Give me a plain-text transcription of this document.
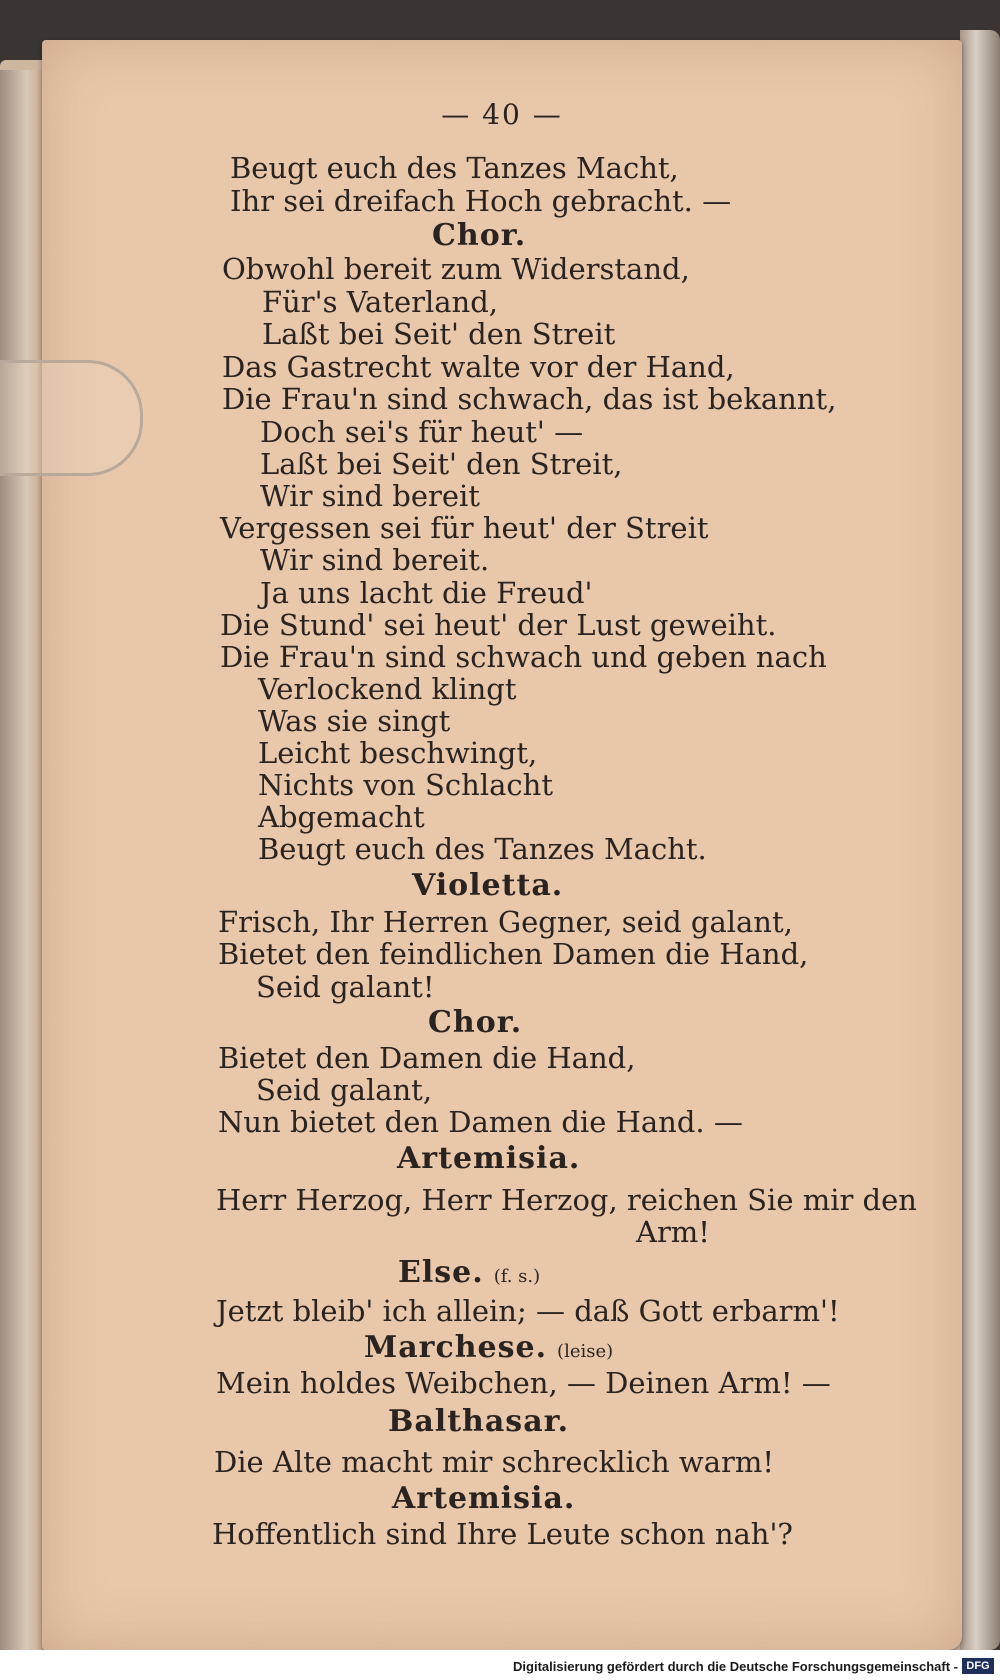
— 40 —
Beugt euch des Tanzes Macht,
Ihr sei dreifach Hoch gebracht. —
Chor.
Obwohl bereit zum Widerstand,
Für's Vaterland,
Laßt bei Seit' den Streit
Das Gastrecht walte vor der Hand,
Die Frau'n sind schwach, das ist bekannt,
Doch sei's für heut' —
Laßt bei Seit' den Streit,
Wir sind bereit
Vergessen sei für heut' der Streit
Wir sind bereit.
Ja uns lacht die Freud'
Die Stund' sei heut' der Lust geweiht.
Die Frau'n sind schwach und geben nach
Verlockend klingt
Was sie singt
Leicht beschwingt,
Nichts von Schlacht
Abgemacht
Beugt euch des Tanzes Macht.
Violetta.
Frisch, Ihr Herren Gegner, seid galant,
Bietet den feindlichen Damen die Hand,
Seid galant!
Chor.
Bietet den Damen die Hand,
Seid galant,
Nun bietet den Damen die Hand. —
Artemisia.
Herr Herzog, Herr Herzog, reichen Sie mir den
Arm!
Else. (f. s.)
Jetzt bleib' ich allein; — daß Gott erbarm'!
Marchese. (leise)
Mein holdes Weibchen, — Deinen Arm! —
Balthasar.
Die Alte macht mir schrecklich warm!
Artemisia.
Hoffentlich sind Ihre Leute schon nah'?
Digitalisierung gefördert durch die Deutsche Forschungsgemeinschaft - DFG
